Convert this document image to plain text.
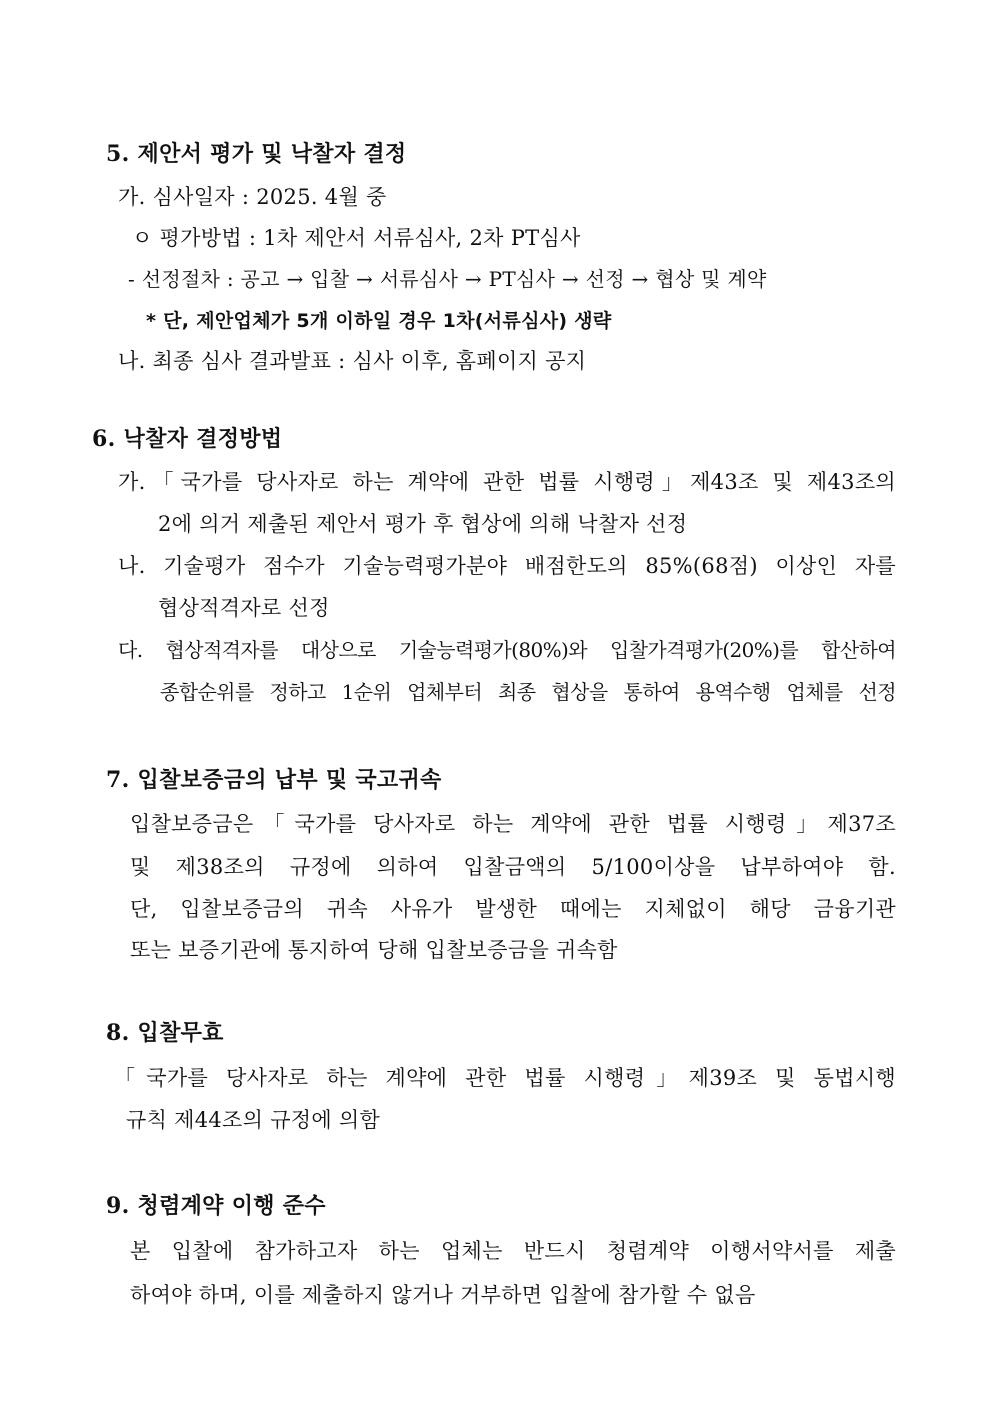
5. 제안서 평가 및 낙찰자 결정
가. 심사일자 : 2025. 4월 중
ㅇ 평가방법 : 1차 제안서 서류심사, 2차 PT심사
- 선정절차 : 공고 → 입찰 → 서류심사 → PT심사 → 선정 → 협상 및 계약
* 단, 제안업체가 5개 이하일 경우 1차(서류심사) 생략
나. 최종 심사 결과발표 : 심사 이후, 홈페이지 공지
6. 낙찰자 결정방법
가.「국가를 당사자로 하는 계약에 관한 법률 시행령」제43조 및 제43조의
2에 의거 제출된 제안서 평가 후 협상에 의해 낙찰자 선정
나. 기술평가 점수가 기술능력평가분야 배점한도의 85%(68점) 이상인 자를
협상적격자로 선정
다. 협상적격자를 대상으로 기술능력평가(80%)와 입찰가격평가(20%)를 합산하여
종합순위를 정하고 1순위 업체부터 최종 협상을 통하여 용역수행 업체를 선정
7. 입찰보증금의 납부 및 국고귀속
입찰보증금은「국가를 당사자로 하는 계약에 관한 법률 시행령」제37조
및 제38조의 규정에 의하여 입찰금액의 5/100이상을 납부하여야 함.
단, 입찰보증금의 귀속 사유가 발생한 때에는 지체없이 해당 금융기관
또는 보증기관에 통지하여 당해 입찰보증금을 귀속함
8. 입찰무효
「국가를 당사자로 하는 계약에 관한 법률 시행령」제39조 및 동법시행
규칙 제44조의 규정에 의함
9. 청렴계약 이행 준수
본 입찰에 참가하고자 하는 업체는 반드시 청렴계약 이행서약서를 제출
하여야 하며, 이를 제출하지 않거나 거부하면 입찰에 참가할 수 없음
